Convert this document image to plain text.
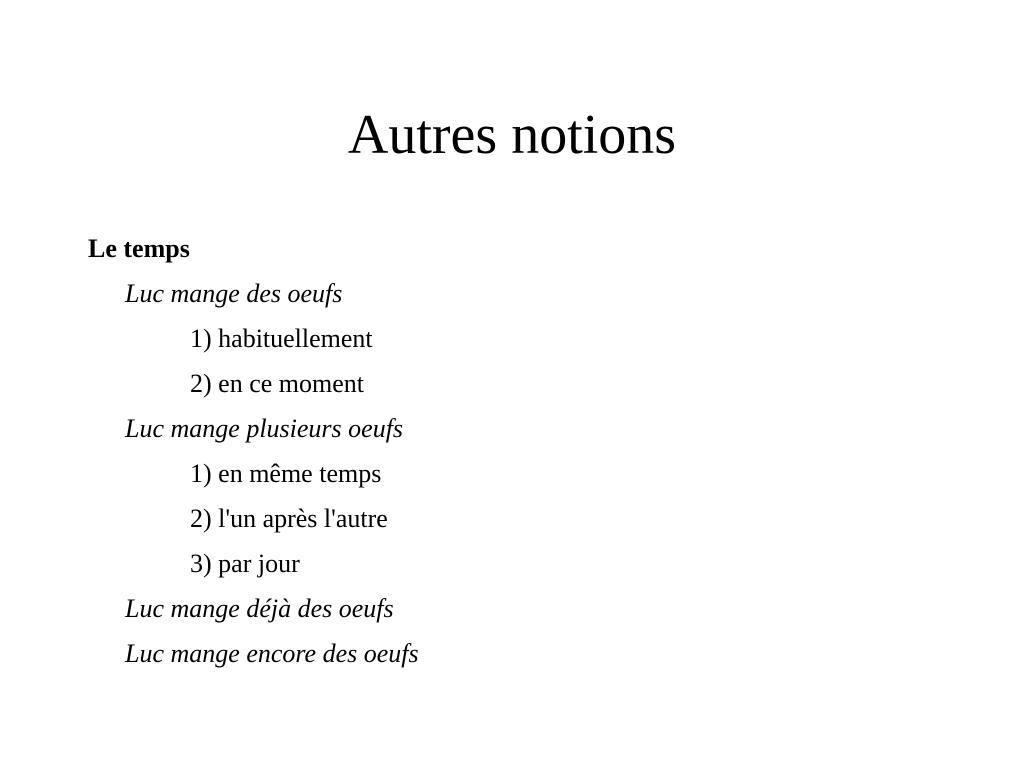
Autres notions
Le temps
Luc mange des oeufs
1) habituellement
2) en ce moment
Luc mange plusieurs oeufs
1) en même temps
2) l'un après l'autre
3) par jour
Luc mange déjà des oeufs
Luc mange encore des oeufs
